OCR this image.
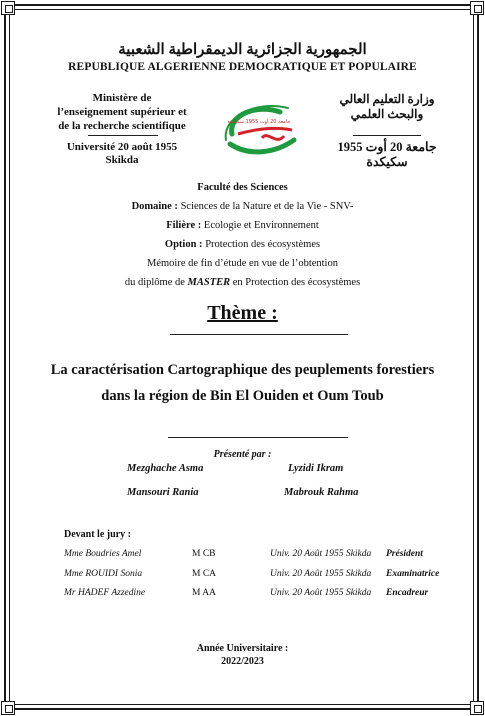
الجمهورية الجزائرية الديمقراطية الشعبية
REPUBLIQUE ALGERIENNE DEMOCRATIQUE ET POPULAIRE
Ministère de
l’enseignement supérieur et
de la recherche scientifique
Université 20 août 1955
Skikda
جامعة 20 أوت 1955 سكيكدة
وزارة التعليم العالي
والبحث العلمي
جامعة 20 أوت 1955
سكيكدة
Faculté des Sciences
Domaine : Sciences de la Nature et de la Vie - SNV-
Filière : Ecologie et Environnement
Option : Protection des écosystèmes
Mémoire de fin d’étude en vue de l’obtention
du diplôme de MASTER en Protection des écosystèmes
Thème :
La caractérisation Cartographique des peuplements forestiers
dans la région de Bin El Ouiden et Oum Toub
Présenté par :
Mezghache Asma	Lyzidi Ikram
Mansouri Rania	Mabrouk Rahma
Devant le jury :
Mme Boudries Amel	M CB	Univ. 20 Août 1955 Skikda Président
Mme ROUIDI Sonia	M CA	Univ. 20 Août 1955 Skikda Examinatrice
Mr HADEF Azzedine	M AA	Univ. 20 Août 1955 Skikda Encadreur
Année Universitaire :
2022/2023
